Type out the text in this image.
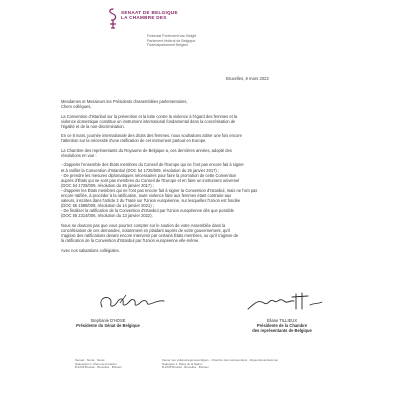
SENAAT DE BELGIQUE
LA CHAMBRE DES
Federaal Parlement van België
Parlement fédéral de Belgique
Föderalparlament Belgien
Bruxelles, 8 mars 2022

Mesdames et Messieurs les Présidents d'assemblées parlementaires,
Chers collègues,

La Convention d'Istanbul sur la prévention et la lutte contre la violence à l'égard des femmes et la
violence domestique constitue un instrument international fondamental dans la concrétisation de
l'égalité et de la non-discrimination.

En ce 8 mars, journée internationale des droits des femmes, nous souhaitons attirer une fois encore
l'attention sur la nécessité d'une ratification de cet instrument partout en Europe.

La Chambre des représentants du Royaume de Belgique a, ces dernières années, adopté des
résolutions en vue :

- d'appeler l'ensemble des États membres du Conseil de l'Europe qui ne l'ont pas encore fait à signer
et à ratifier la Convention d'Istanbul (DOC 54 1725/009, résolution du 26 janvier 2017) ;
- De prendre les mesures diplomatiques nécessaires pour faire la promotion de cette Convention
auprès d'États qui ne sont pas membres du Conseil de l'Europe et en faire un instrument universel
(DOC 54 1725/009, résolution du 26 janvier 2017) ;
- d'appeler les États membres qui ne l'ont pas encore fait à signer la Convention d'Istanbul, mais ne l'ont pas
encore ratifiée, à procéder à la ratification, toute violence faite aux femmes étant contraire aux
valeurs, inscrites dans l'article 2 du Traité sur l'Union européenne, sur lesquelles l'Union est fondée
(DOC 55 1588/008, résolution du 14 janvier 2021) ;
- De finaliser la ratification de la Convention d'Istanbul par l'Union européenne dès que possible
(DOC 55 2314/006, résolution du 13 janvier 2022).

Nous ne doutons pas que vous pourrez compter sur le soutien de votre Assemblée dans la
concrétisation de ces demandes, notamment en plaidant auprès de votre gouvernement, qu'il
s'agisse des ratifications devant encore intervenir par certains États membres, ou qu'il s'agisse de
la ratification de la Convention d'Istanbul par l'Union européenne elle-même.

Avec nos salutations collégiales.

Stephanie D'HOSE
Présidente du Sénat de Belgique
Eliane TILLIEUX
Présidente de la Chambre
des représentants de Belgique
Senaat · Sénat · Senat
Natiesplein 1, Place de la Nation
B-1009 Brussel · Bruxelles · Brüssel
Kamer van volksvertegenwoordigers · Chambre des représentants · Abgeordnetenkammer
Natieplein 2, Place de la Nation
B-1008 Brussel · Bruxelles · Brüssel
